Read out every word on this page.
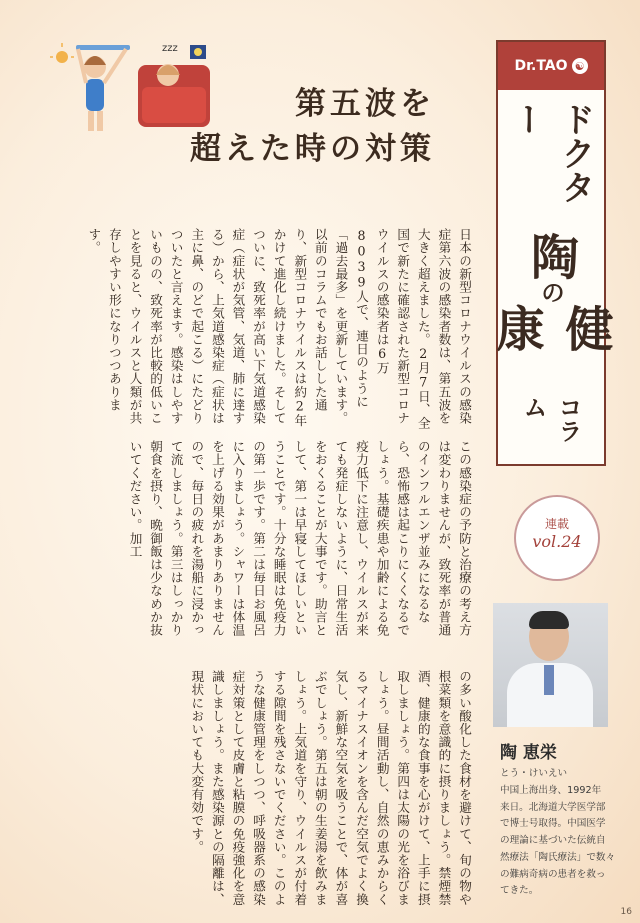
zzz
第五波を
超えた時の対策
Dr.TAO ☯
ドクター
陶
の
健康
コラム
連載
vol.24
陶 恵栄
とう・けいえい
中国上海出身、1992年
来日。北海道大学医学部
で博士号取得。中国医学
の理論に基づいた伝統自
然療法「陶氏療法」で数々
の難病奇病の患者を救っ
てきた。

日本の新型コロナウイルスの感染症第六波の感染者数は、第五波を大きく超えました。2月7日、全国で新たに確認された新型コロナウイルスの感染者は6万8039人で、連日のように「過去最多」を更新しています。以前のコラムでもお話しした通り、新型コロナウイルスは約2年かけて進化し続けました。そしてついに、致死率が高い下気道感染症（症状が気管、気道、肺に達する）から、上気道感染症（症状は主に鼻、のどで起こる）にたどりついたと言えます。感染はしやすいものの、致死率が比較的低いことを見ると、ウイルスと人類が共存しやすい形になりつつあります。

この感染症の予防と治療の考え方は変わりませんが、致死率が普通のインフルエンザ並みになるなら、恐怖感は起こりにくくなるでしょう。基礎疾患や加齢による免疫力低下に注意し、ウイルスが来ても発症しないように、日常生活をおくることが大事です。助言として、第一は早寝してほしいということです。十分な睡眠は免疫力の第一歩です。第二は毎日お風呂に入りましょう。シャワーは体温を上げる効果があまりありませんので、毎日の疲れを湯船に浸かって流しましょう。第三はしっかり朝食を摂り、晩御飯は少なめか抜いてください。加工

の多い酸化した食材を避けて、旬の物や根菜類を意識的に摂りましょう。禁煙禁酒、健康的な食事を心がけて、上手に摂取しましょう。第四は太陽の光を浴びましょう。昼間活動し、自然の恵みからくるマイナスイオンを含んだ空気でよく換気し、新鮮な空気を吸うことで、体が喜ぶでしょう。第五は朝の生姜湯を飲みましょう。上気道を守り、ウイルスが付着する隙間を残さないでください。このような健康管理をしつつ、呼吸器系の感染症対策として皮膚と粘膜の免疫強化を意識しましょう。また感染源との隔離は、現状においても大変有効です。

16
